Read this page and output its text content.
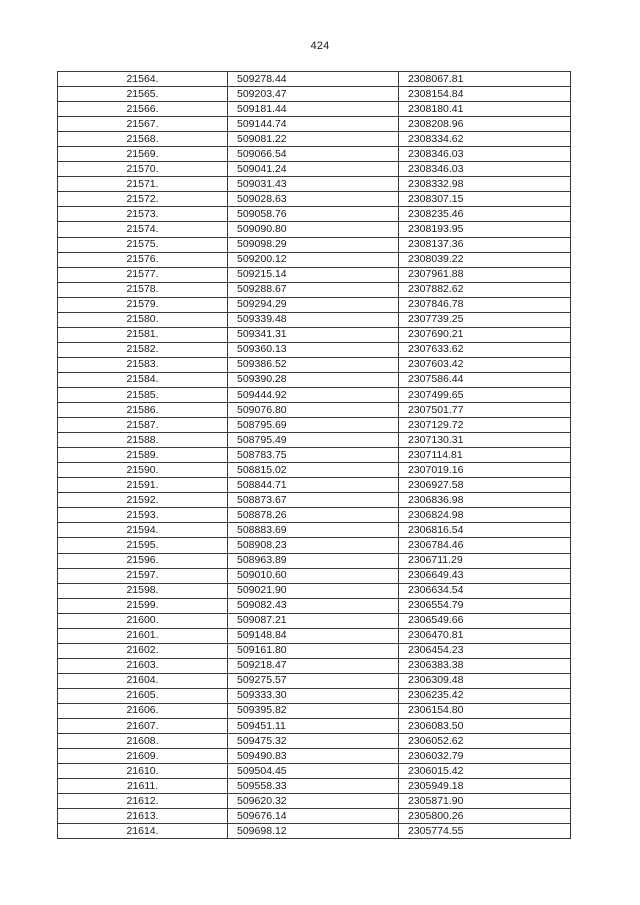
424
21564.	509278.44	2308067.81
21565.	509203.47	2308154.84
21566.	509181.44	2308180.41
21567.	509144.74	2308208.96
21568.	509081.22	2308334.62
21569.	509066.54	2308346.03
21570.	509041.24	2308346.03
21571.	509031.43	2308332.98
21572.	509028.63	2308307.15
21573.	509058.76	2308235.46
21574.	509090.80	2308193.95
21575.	509098.29	2308137.36
21576.	509200.12	2308039.22
21577.	509215.14	2307961.88
21578.	509288.67	2307882.62
21579.	509294.29	2307846.78
21580.	509339.48	2307739.25
21581.	509341.31	2307690.21
21582.	509360.13	2307633.62
21583.	509386.52	2307603.42
21584.	509390.28	2307586.44
21585.	509444.92	2307499.65
21586.	509076.80	2307501.77
21587.	508795.69	2307129.72
21588.	508795.49	2307130.31
21589.	508783.75	2307114.81
21590.	508815.02	2307019.16
21591.	508844.71	2306927.58
21592.	508873.67	2306836.98
21593.	508878.26	2306824.98
21594.	508883.69	2306816.54
21595.	508908.23	2306784.46
21596.	508963.89	2306711.29
21597.	509010.60	2306649.43
21598.	509021.90	2306634.54
21599.	509082.43	2306554.79
21600.	509087.21	2306549.66
21601.	509148.84	2306470.81
21602.	509161.80	2306454.23
21603.	509218.47	2306383.38
21604.	509275.57	2306309.48
21605.	509333.30	2306235.42
21606.	509395.82	2306154.80
21607.	509451.11	2306083.50
21608.	509475.32	2306052.62
21609.	509490.83	2306032.79
21610.	509504.45	2306015.42
21611.	509558.33	2305949.18
21612.	509620.32	2305871.90
21613.	509676.14	2305800.26
21614.	509698.12	2305774.55
